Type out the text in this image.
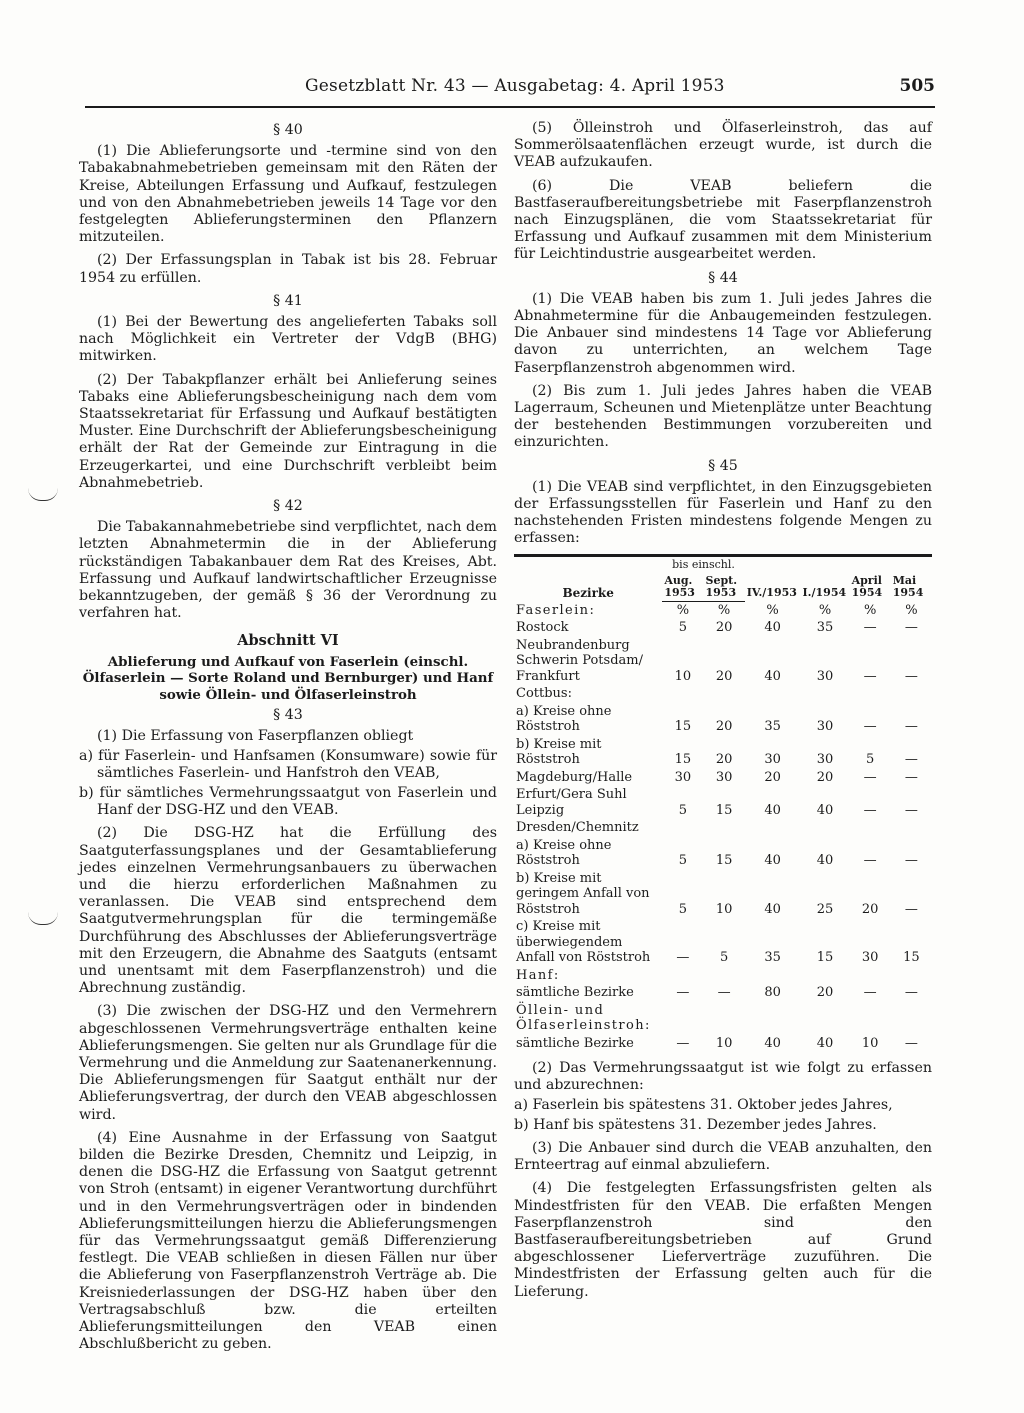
Gesetzblatt Nr. 43 — Ausgabetag: 4. April 1953	505
§ 40

(1) Die Ablieferungsorte und -termine sind von den Tabakabnahmebetrieben gemeinsam mit den Räten der Kreise, Abteilungen Erfassung und Aufkauf, festzulegen und von den Abnahmebetrieben jeweils 14 Tage vor den festgelegten Ablieferungsterminen den Pflanzern mitzuteilen.

(2) Der Erfassungsplan in Tabak ist bis 28. Februar 1954 zu erfüllen.

§ 41

(1) Bei der Bewertung des angelieferten Tabaks soll nach Möglichkeit ein Vertreter der VdgB (BHG) mitwirken.

(2) Der Tabakpflanzer erhält bei Anlieferung seines Tabaks eine Ablieferungsbescheinigung nach dem vom Staatssekretariat für Erfassung und Aufkauf bestätigten Muster. Eine Durchschrift der Ablieferungsbescheinigung erhält der Rat der Gemeinde zur Eintragung in die Erzeugerkartei, und eine Durchschrift verbleibt beim Abnahmebetrieb.

§ 42

Die Tabakannahmebetriebe sind verpflichtet, nach dem letzten Abnahmetermin die in der Ablieferung rückständigen Tabakanbauer dem Rat des Kreises, Abt. Erfassung und Aufkauf landwirtschaftlicher Erzeugnisse bekanntzugeben, der gemäß § 36 der Verordnung zu verfahren hat.

Abschnitt VI
Ablieferung und Aufkauf von Faserlein (einschl. Ölfaserlein — Sorte Roland und Bernburger) und Hanf sowie Öllein- und Ölfaserleinstroh
§ 43

(1) Die Erfassung von Faserpflanzen obliegt

a) für Faserlein- und Hanfsamen (Konsumware) sowie für sämtliches Faserlein- und Hanfstroh den VEAB,

b) für sämtliches Vermehrungssaatgut von Faserlein und Hanf der DSG-HZ und den VEAB.

(2) Die DSG-HZ hat die Erfüllung des Saatguterfassungsplanes und der Gesamtablieferung jedes einzelnen Vermehrungsanbauers zu überwachen und die hierzu erforderlichen Maßnahmen zu veranlassen. Die VEAB sind entsprechend dem Saatgutvermehrungsplan für die termingemäße Durchführung des Abschlusses der Ablieferungsverträge mit den Erzeugern, die Abnahme des Saatguts (entsamt und unentsamt mit dem Faserpflanzenstroh) und die Abrechnung zuständig.

(3) Die zwischen der DSG-HZ und den Vermehrern abgeschlossenen Vermehrungsverträge enthalten keine Ablieferungsmengen. Sie gelten nur als Grundlage für die Vermehrung und die Anmeldung zur Saatenanerkennung. Die Ablieferungsmengen für Saatgut enthält nur der Ablieferungsvertrag, der durch den VEAB abgeschlossen wird.

(4) Eine Ausnahme in der Erfassung von Saatgut bilden die Bezirke Dresden, Chemnitz und Leipzig, in denen die DSG-HZ die Erfassung von Saatgut getrennt von Stroh (entsamt) in eigener Verantwortung durchführt und in den Vermehrungsverträgen oder in bindenden Ablieferungsmitteilungen hierzu die Ablieferungsmengen für das Vermehrungssaatgut gemäß Differenzierung festlegt. Die VEAB schließen in diesen Fällen nur über die Ablieferung von Faserpflanzenstroh Verträge ab. Die Kreisniederlassungen der DSG-HZ haben über den Vertragsabschluß bzw. die erteilten Ablieferungsmitteilungen den VEAB einen Abschlußbericht zu geben.

(5) Ölleinstroh und Ölfaserleinstroh, das auf Sommerölsaatenflächen erzeugt wurde, ist durch die VEAB aufzukaufen.

(6) Die VEAB beliefern die Bastfaseraufbereitungsbetriebe mit Faserpflanzenstroh nach Einzugsplänen, die vom Staatssekretariat für Erfassung und Aufkauf zusammen mit dem Ministerium für Leichtindustrie ausgearbeitet werden.

§ 44

(1) Die VEAB haben bis zum 1. Juli jedes Jahres die Abnahmetermine für die Anbaugemeinden festzulegen. Die Anbauer sind mindestens 14 Tage vor Ablieferung davon zu unterrichten, an welchem Tage Faserpflanzenstroh abgenommen wird.

(2) Bis zum 1. Juli jedes Jahres haben die VEAB Lagerraum, Scheunen und Mietenplätze unter Beachtung der bestehenden Bestimmungen vorzubereiten und einzurichten.

§ 45

(1) Die VEAB sind verpflichtet, in den Einzugsgebieten der Erfassungsstellen für Faserlein und Hanf zu den nachstehenden Fristen mindestens folgende Mengen zu erfassen:

Bezirke	bis einschl.		IV./1953	I./1954	April 1954	Mai 1954
	Aug. 1953	Sept. 1953				
Faserlein:	%	%	%	%	%	%
Rostock	5	20	40	35	—	—
Neubrandenburg Schwerin Potsdam/ Frankfurt	10	20	40	30	—	—
Cottbus:						
a) Kreise ohne Röststroh	15	20	35	30	—	—
b) Kreise mit Röststroh	15	20	30	30	5	—
Magdeburg/Halle	30	30	20	20	—	—
Erfurt/Gera Suhl Leipzig	5	15	40	40	—	—
Dresden/Chemnitz						
a) Kreise ohne Röststroh	5	15	40	40	—	—
b) Kreise mit geringem Anfall von Röststroh	5	10	40	25	20	—
c) Kreise mit überwiegendem Anfall von Röststroh	—	5	35	15	30	15
Hanf:						
sämtliche Bezirke	—	—	80	20	—	—
Öllein- und Ölfaserleinstroh:						
sämtliche Bezirke	—	10	40	40	10	—

(2) Das Vermehrungssaatgut ist wie folgt zu erfassen und abzurechnen:

a) Faserlein bis spätestens 31. Oktober jedes Jahres,

b) Hanf bis spätestens 31. Dezember jedes Jahres.

(3) Die Anbauer sind durch die VEAB anzuhalten, den Ernteertrag auf einmal abzuliefern.

(4) Die festgelegten Erfassungsfristen gelten als Mindestfristen für den VEAB. Die erfaßten Mengen Faserpflanzenstroh sind den Bastfaseraufbereitungsbetrieben auf Grund abgeschlossener Lieferverträge zuzuführen. Die Mindestfristen der Erfassung gelten auch für die Lieferung.
